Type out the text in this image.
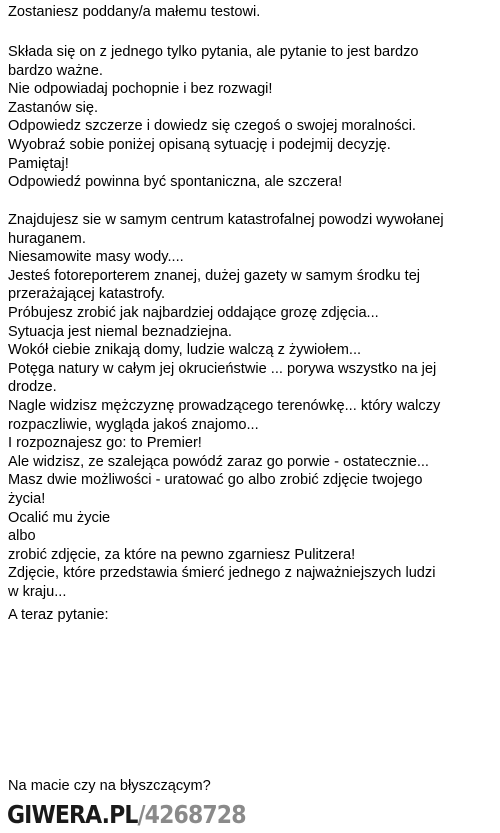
Zostaniesz poddany/a małemu testowi.
Składa się on z jednego tylko pytania, ale pytanie to jest bardzo
bardzo ważne.
Nie odpowiadaj pochopnie i bez rozwagi!
Zastanów się.
Odpowiedz szczerze i dowiedz się czegoś o swojej moralności.
Wyobraź sobie poniżej opisaną sytuację i podejmij decyzję.
Pamiętaj!
Odpowiedź powinna być spontaniczna, ale szczera!
Znajdujesz sie w samym centrum katastrofalnej powodzi wywołanej
huraganem.
Niesamowite masy wody....
Jesteś fotoreporterem znanej, dużej gazety w samym środku tej
przerażającej katastrofy.
Próbujesz zrobić jak najbardziej oddające grozę zdjęcia...
Sytuacja jest niemal beznadziejna.
Wokół ciebie znikają domy, ludzie walczą z żywiołem...
Potęga natury w całym jej okrucieństwie ... porywa wszystko na jej
drodze.
Nagle widzisz mężczyznę prowadzącego terenówkę... który walczy
rozpaczliwie, wygląda jakoś znajomo...
I rozpoznajesz go: to Premier!
Ale widzisz, ze szalejąca powódź zaraz go porwie - ostatecznie...
Masz dwie możliwości - uratować go albo zrobić zdjęcie twojego
życia!
Ocalić mu życie
albo
zrobić zdjęcie, za które na pewno zgarniesz Pulitzera!
Zdjęcie, które przedstawia śmierć jednego z najważniejszych ludzi
w kraju...
A teraz pytanie:
Na macie czy na błyszczącym?
GIWERA.PL/4268728
